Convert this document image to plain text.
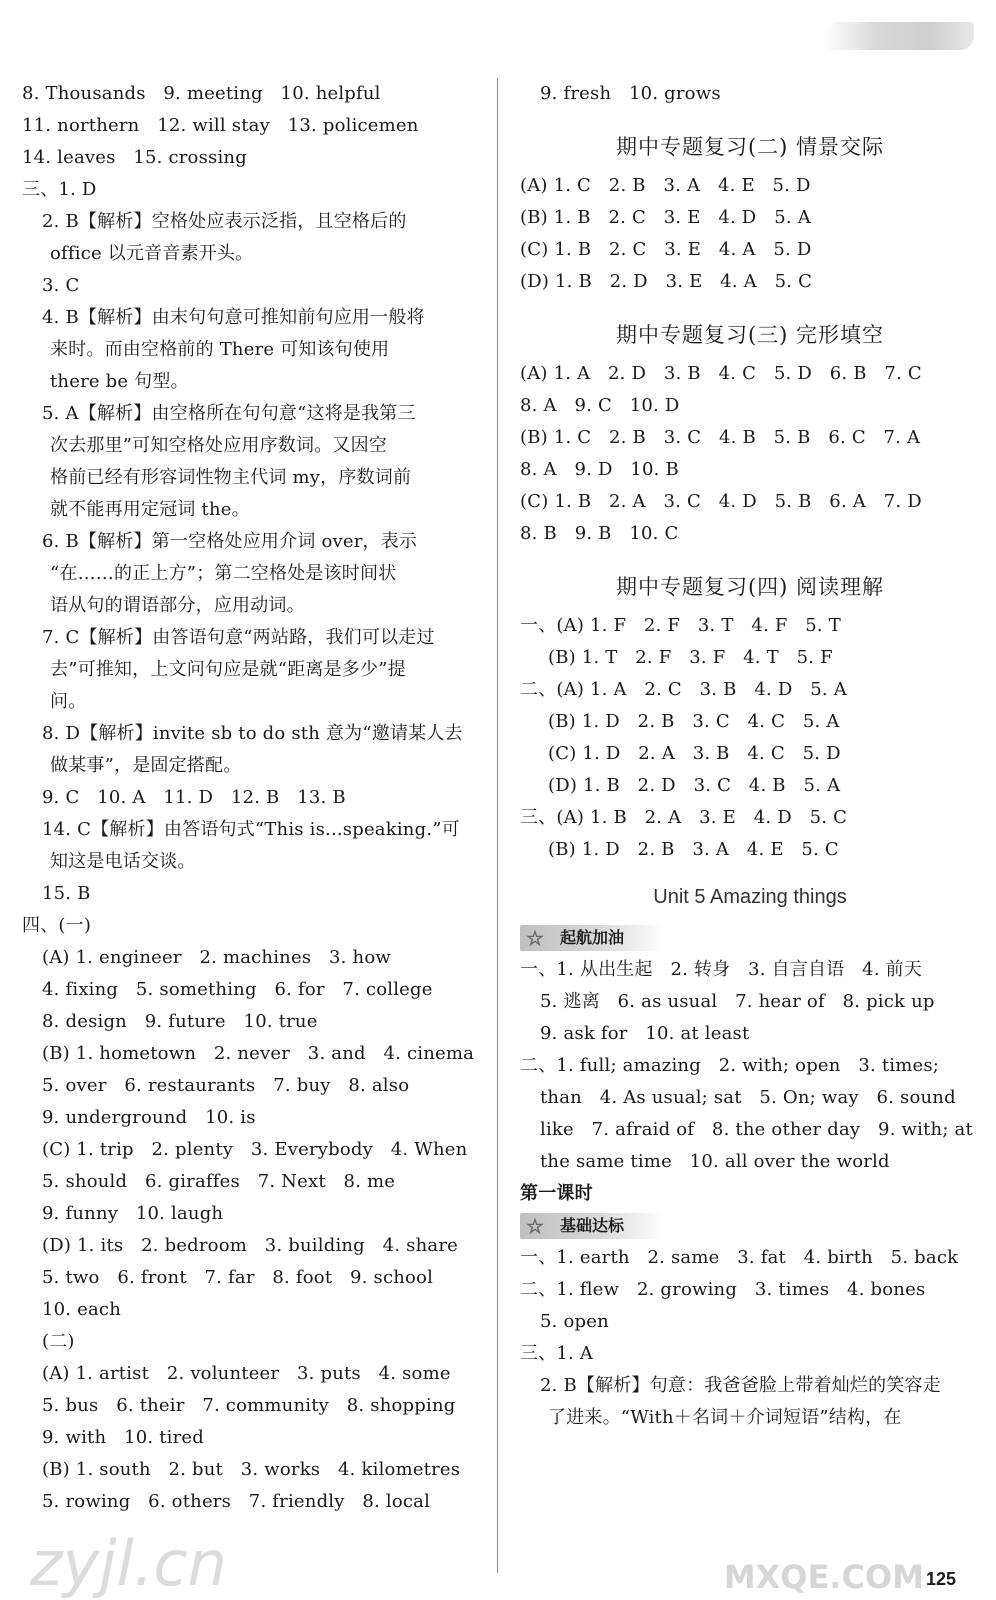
8. Thousands   9. meeting   10. helpful
11. northern   12. will stay   13. policemen
14. leaves   15. crossing
三、1. D
2. B【解析】空格处应表示泛指，且空格后的
office 以元音音素开头。
3. C
4. B【解析】由末句句意可推知前句应用一般将
来时。而由空格前的 There 可知该句使用
there be 句型。
5. A【解析】由空格所在句句意“这将是我第三
次去那里”可知空格处应用序数词。又因空
格前已经有形容词性物主代词 my，序数词前
就不能再用定冠词 the。
6. B【解析】第一空格处应用介词 over，表示
“在……的正上方”；第二空格处是该时间状
语从句的谓语部分，应用动词。
7. C【解析】由答语句意“两站路，我们可以走过
去”可推知，上文问句应是就“距离是多少”提
问。
8. D【解析】invite sb to do sth 意为“邀请某人去
做某事”，是固定搭配。
9. C   10. A   11. D   12. B   13. B
14. C【解析】由答语句式“This is...speaking.”可
知这是电话交谈。
15. B
四、(一)
(A) 1. engineer   2. machines   3. how
4. fixing   5. something   6. for   7. college
8. design   9. future   10. true
(B) 1. hometown   2. never   3. and   4. cinema
5. over   6. restaurants   7. buy   8. also
9. underground   10. is
(C) 1. trip   2. plenty   3. Everybody   4. When
5. should   6. giraffes   7. Next   8. me
9. funny   10. laugh
(D) 1. its   2. bedroom   3. building   4. share
5. two   6. front   7. far   8. foot   9. school
10. each
(二)
(A) 1. artist   2. volunteer   3. puts   4. some
5. bus   6. their   7. community   8. shopping
9. with   10. tired
(B) 1. south   2. but   3. works   4. kilometres
5. rowing   6. others   7. friendly   8. local
9. fresh   10. grows
期中专题复习(二) 情景交际
(A) 1. C   2. B   3. A   4. E   5. D
(B) 1. B   2. C   3. E   4. D   5. A
(C) 1. B   2. C   3. E   4. A   5. D
(D) 1. B   2. D   3. E   4. A   5. C
期中专题复习(三) 完形填空
(A) 1. A   2. D   3. B   4. C   5. D   6. B   7. C
8. A   9. C   10. D
(B) 1. C   2. B   3. C   4. B   5. B   6. C   7. A
8. A   9. D   10. B
(C) 1. B   2. A   3. C   4. D   5. B   6. A   7. D
8. B   9. B   10. C
期中专题复习(四) 阅读理解
一、(A) 1. F   2. F   3. T   4. F   5. T
(B) 1. T   2. F   3. F   4. T   5. F
二、(A) 1. A   2. C   3. B   4. D   5. A
(B) 1. D   2. B   3. C   4. C   5. A
(C) 1. D   2. A   3. B   4. C   5. D
(D) 1. B   2. D   3. C   4. B   5. A
三、(A) 1. B   2. A   3. E   4. D   5. C
(B) 1. D   2. B   3. A   4. E   5. C
Unit 5 Amazing things
☆ 起航加油
一、1. 从出生起   2. 转身   3. 自言自语   4. 前天
5. 逃离   6. as usual   7. hear of   8. pick up
9. ask for   10. at least
二、1. full; amazing   2. with; open   3. times;
than   4. As usual; sat   5. On; way   6. sound
like   7. afraid of   8. the other day   9. with; at
the same time   10. all over the world
第一课时
☆ 基础达标
一、1. earth   2. same   3. fat   4. birth   5. back
二、1. flew   2. growing   3. times   4. bones
5. open
三、1. A
2. B【解析】句意：我爸爸脸上带着灿烂的笑容走
了进来。“With＋名词＋介词短语”结构，在
zyjl.cn	MXQE.COM 125
